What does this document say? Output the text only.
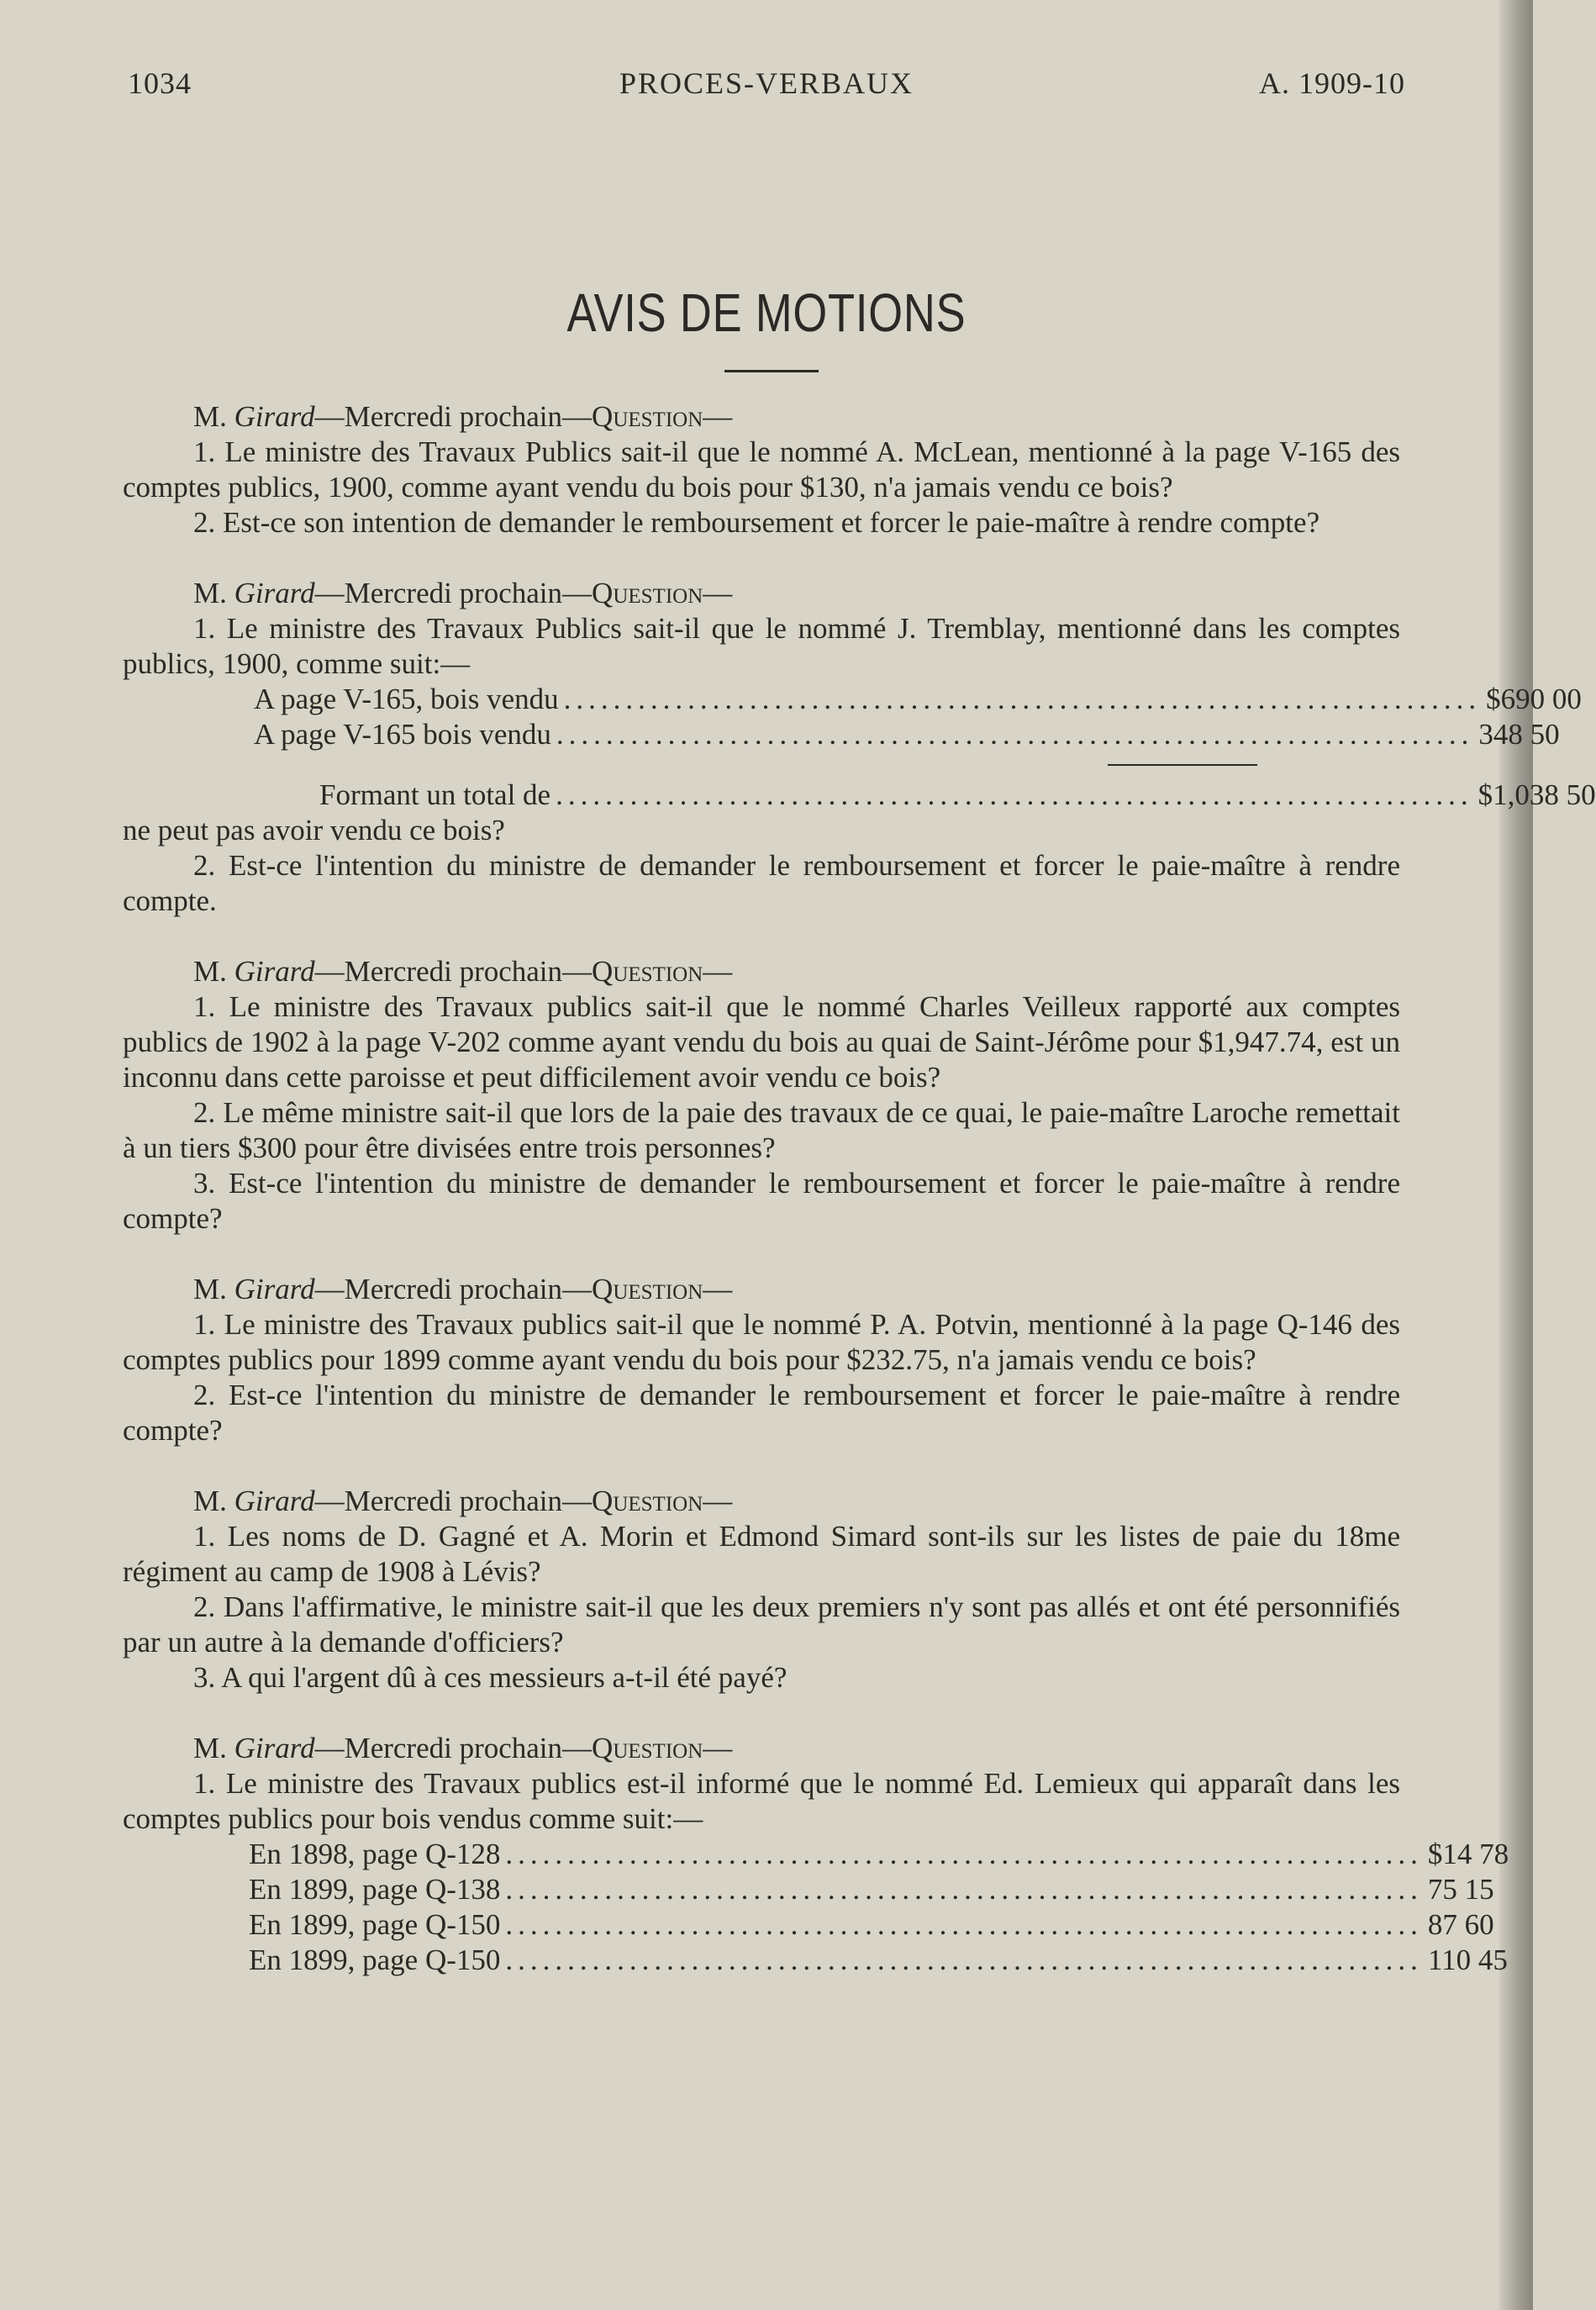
1034	PROCES-VERBAUX	A. 1909-10
AVIS DE MOTIONS

M. Girard—Mercredi prochain—Question—

1. Le ministre des Travaux Publics sait-il que le nommé A. McLean, mentionné à la page V-165 des comptes publics, 1900, comme ayant vendu du bois pour $130, n'a jamais vendu ce bois?

2. Est-ce son intention de demander le remboursement et forcer le paie-maître à rendre compte?

M. Girard—Mercredi prochain—Question—

1. Le ministre des Travaux Publics sait-il que le nommé J. Tremblay, mentionné dans les comptes publics, 1900, comme suit:—

A page V-165, bois vendu .......................................................................... $ 690 00
A page V-165 bois vendu .......................................................................... 348 50
Formant un total de .......................................................................... $1,038 50

ne peut pas avoir vendu ce bois?

2. Est-ce l'intention du ministre de demander le remboursement et forcer le paie-maître à rendre compte.

M. Girard—Mercredi prochain—Question—

1. Le ministre des Travaux publics sait-il que le nommé Charles Veilleux rapporté aux comptes publics de 1902 à la page V-202 comme ayant vendu du bois au quai de Saint-Jérôme pour $1,947.74, est un inconnu dans cette paroisse et peut difficilement avoir vendu ce bois?

2. Le même ministre sait-il que lors de la paie des travaux de ce quai, le paie-maître Laroche remettait à un tiers $300 pour être divisées entre trois personnes?

3. Est-ce l'intention du ministre de demander le remboursement et forcer le paie-maître à rendre compte?

M. Girard—Mercredi prochain—Question—

1. Le ministre des Travaux publics sait-il que le nommé P. A. Potvin, mentionné à la page Q-146 des comptes publics pour 1899 comme ayant vendu du bois pour $232.75, n'a jamais vendu ce bois?

2. Est-ce l'intention du ministre de demander le remboursement et forcer le paie-maître à rendre compte?

M. Girard—Mercredi prochain—Question—

1. Les noms de D. Gagné et A. Morin et Edmond Simard sont-ils sur les listes de paie du 18me régiment au camp de 1908 à Lévis?

2. Dans l'affirmative, le ministre sait-il que les deux premiers n'y sont pas allés et ont été personnifiés par un autre à la demande d'officiers?

3. A qui l'argent dû à ces messieurs a-t-il été payé?

M. Girard—Mercredi prochain—Question—

1. Le ministre des Travaux publics est-il informé que le nommé Ed. Lemieux qui apparaît dans les comptes publics pour bois vendus comme suit:—

En 1898, page Q-128 .......................................................................... $ 14 78
En 1899, page Q-138 .......................................................................... 75 15
En 1899, page Q-150 .......................................................................... 87 60
En 1899, page Q-150 .......................................................................... 110 45
